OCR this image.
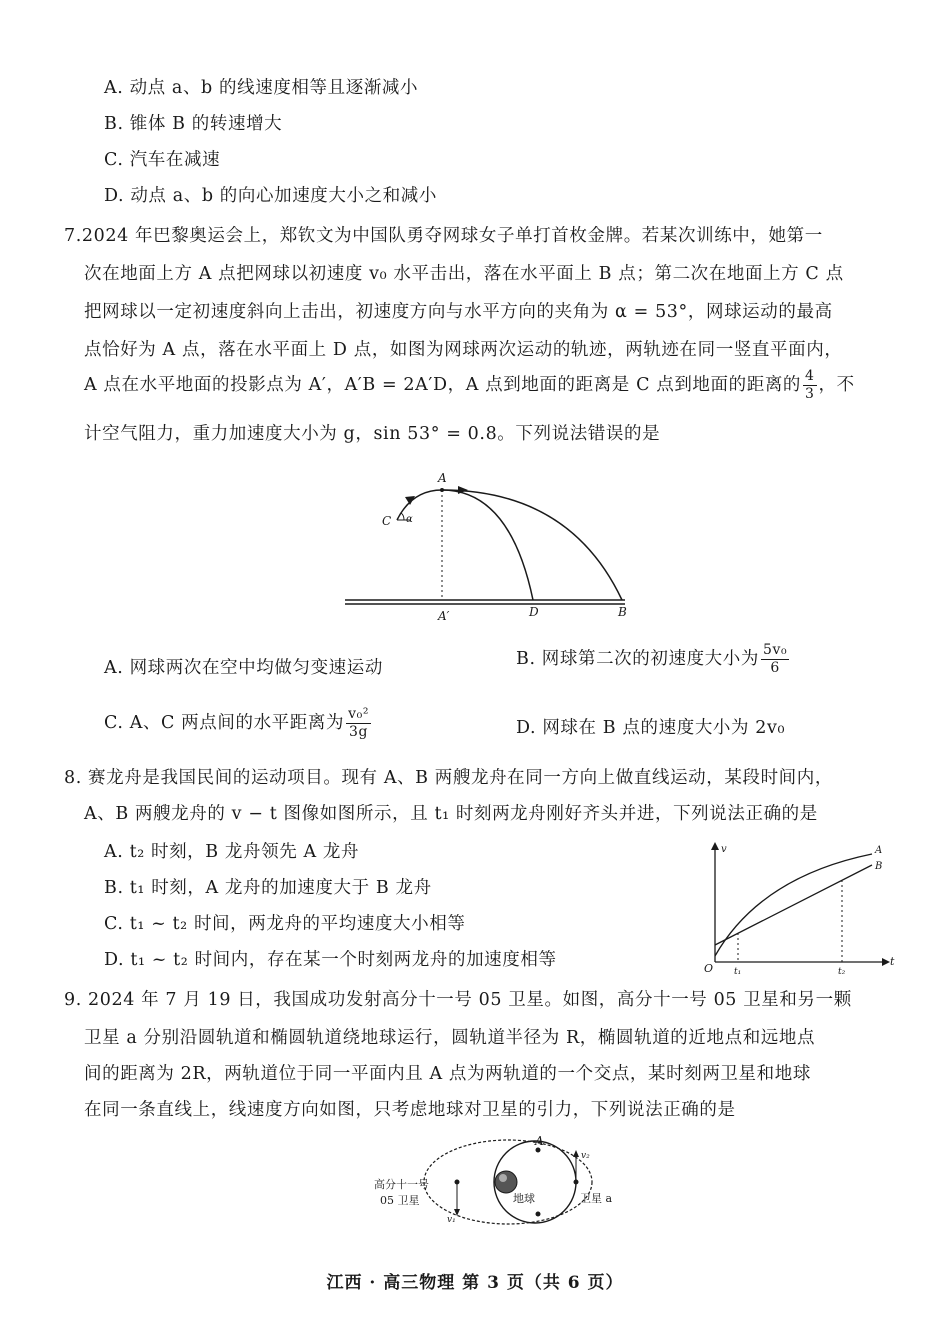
A. 动点 a、b 的线速度相等且逐渐减小
B. 锥体 B 的转速增大
C. 汽车在减速
D. 动点 a、b 的向心加速度大小之和减小
7.2024 年巴黎奥运会上，郑钦文为中国队勇夺网球女子单打首枚金牌。若某次训练中，她第一
次在地面上方 A 点把网球以初速度 v₀ 水平击出，落在水平面上 B 点；第二次在地面上方 C 点
把网球以一定初速度斜向上击出，初速度方向与水平方向的夹角为 α = 53°，网球运动的最高
点恰好为 A 点，落在水平面上 D 点，如图为网球两次运动的轨迹，两轨迹在同一竖直平面内，
A 点在水平地面的投影点为 A′，A′B = 2A′D，A 点到地面的距离是 C 点到地面的距离的 $\frac{4}{3}$ ，不
计空气阻力，重力加速度大小为 g，sin 53° = 0.8。下列说法错误的是
A
C α
A′	D	B
A. 网球两次在空中均做匀变速运动	B. 网球第二次的初速度大小为 $\frac{\text{5v₀}}{6}$
C. A、C 两点间的水平距离为 $\frac{\text{v₀²}}{3g}$	D. 网球在 B 点的速度大小为 2v₀
8. 赛龙舟是我国民间的运动项目。现有 A、B 两艘龙舟在同一方向上做直线运动，某段时间内，
A、B 两艘龙舟的 v − t 图像如图所示，且 t₁ 时刻两龙舟刚好齐头并进，下列说法正确的是
A. t₂ 时刻，B 龙舟领先 A 龙舟
B. t₁ 时刻，A 龙舟的加速度大于 B 龙舟
C. t₁ ~ t₂ 时间，两龙舟的平均速度大小相等
D. t₁ ~ t₂ 时间内，存在某一个时刻两龙舟的加速度相等
v
t
O t₁	t₂
A
B
9. 2024 年 7 月 19 日，我国成功发射高分十一号 05 卫星。如图，高分十一号 05 卫星和另一颗
卫星 a 分别沿圆轨道和椭圆轨道绕地球运行，圆轨道半径为 R，椭圆轨道的近地点和远地点
间的距离为 2R，两轨道位于同一平面内且 A 点为两轨道的一个交点，某时刻两卫星和地球
在同一条直线上，线速度方向如图，只考虑地球对卫星的引力，下列说法正确的是
高分十一号
05 卫星
v₁
v₂
A
地球	卫星 a
江西 · 高三物理 第 3 页（共 6 页）
